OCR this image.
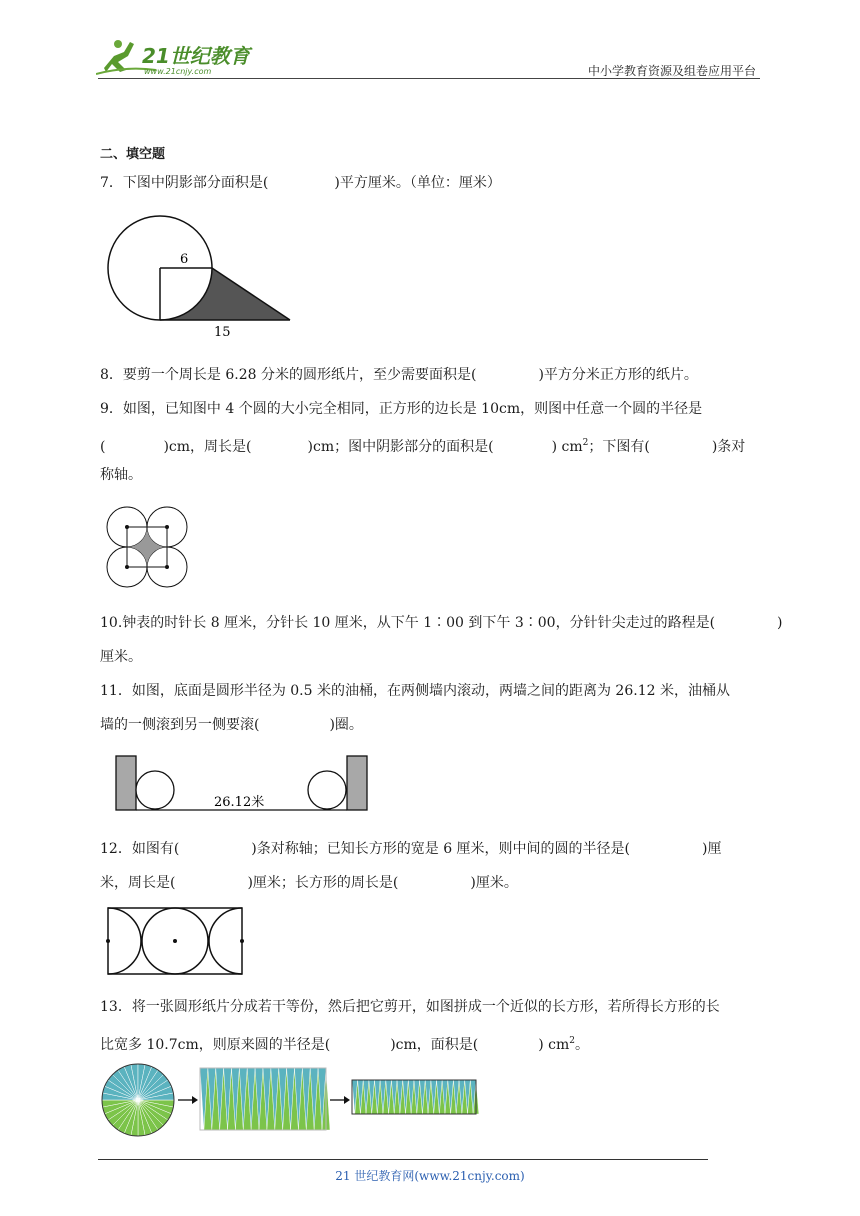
21世纪教育
www.21cnjy.com	中小学教育资源及组卷应用平台
二、填空题
7．下图中阴影部分面积是(	)平方厘米。（单位：厘米）
6
15
8．要剪一个周长是 6.28 分米的圆形纸片，至少需要面积是(	)平方分米正方形的纸片。
9．如图，已知图中 4 个圆的大小完全相同，正方形的边长是 10cm，则图中任意一个圆的半径是
(	)cm，周长是(	)cm；图中阴影部分的面积是(	) $cm^2$；下图有(	)条对
称轴。
10.钟表的时针长 8 厘米，分针长 10 厘米，从下午 1∶00 到下午 3∶00，分针针尖走过的路程是(	)
厘米。
11．如图，底面是圆形半径为 0.5 米的油桶，在两侧墙内滚动，两墙之间的距离为 26.12 米，油桶从
墙的一侧滚到另一侧要滚(	)圈。
26.12米
12．如图有(	)条对称轴；已知长方形的宽是 6 厘米，则中间的圆的半径是(	)厘
米，周长是(	)厘米；长方形的周长是(	)厘米。
13．将一张圆形纸片分成若干等份，然后把它剪开，如图拼成一个近似的长方形，若所得长方形的长
比宽多 10.7cm，则原来圆的半径是(	)cm，面积是(	) $cm^2$。
21 世纪教育网(www.21cnjy.com)
